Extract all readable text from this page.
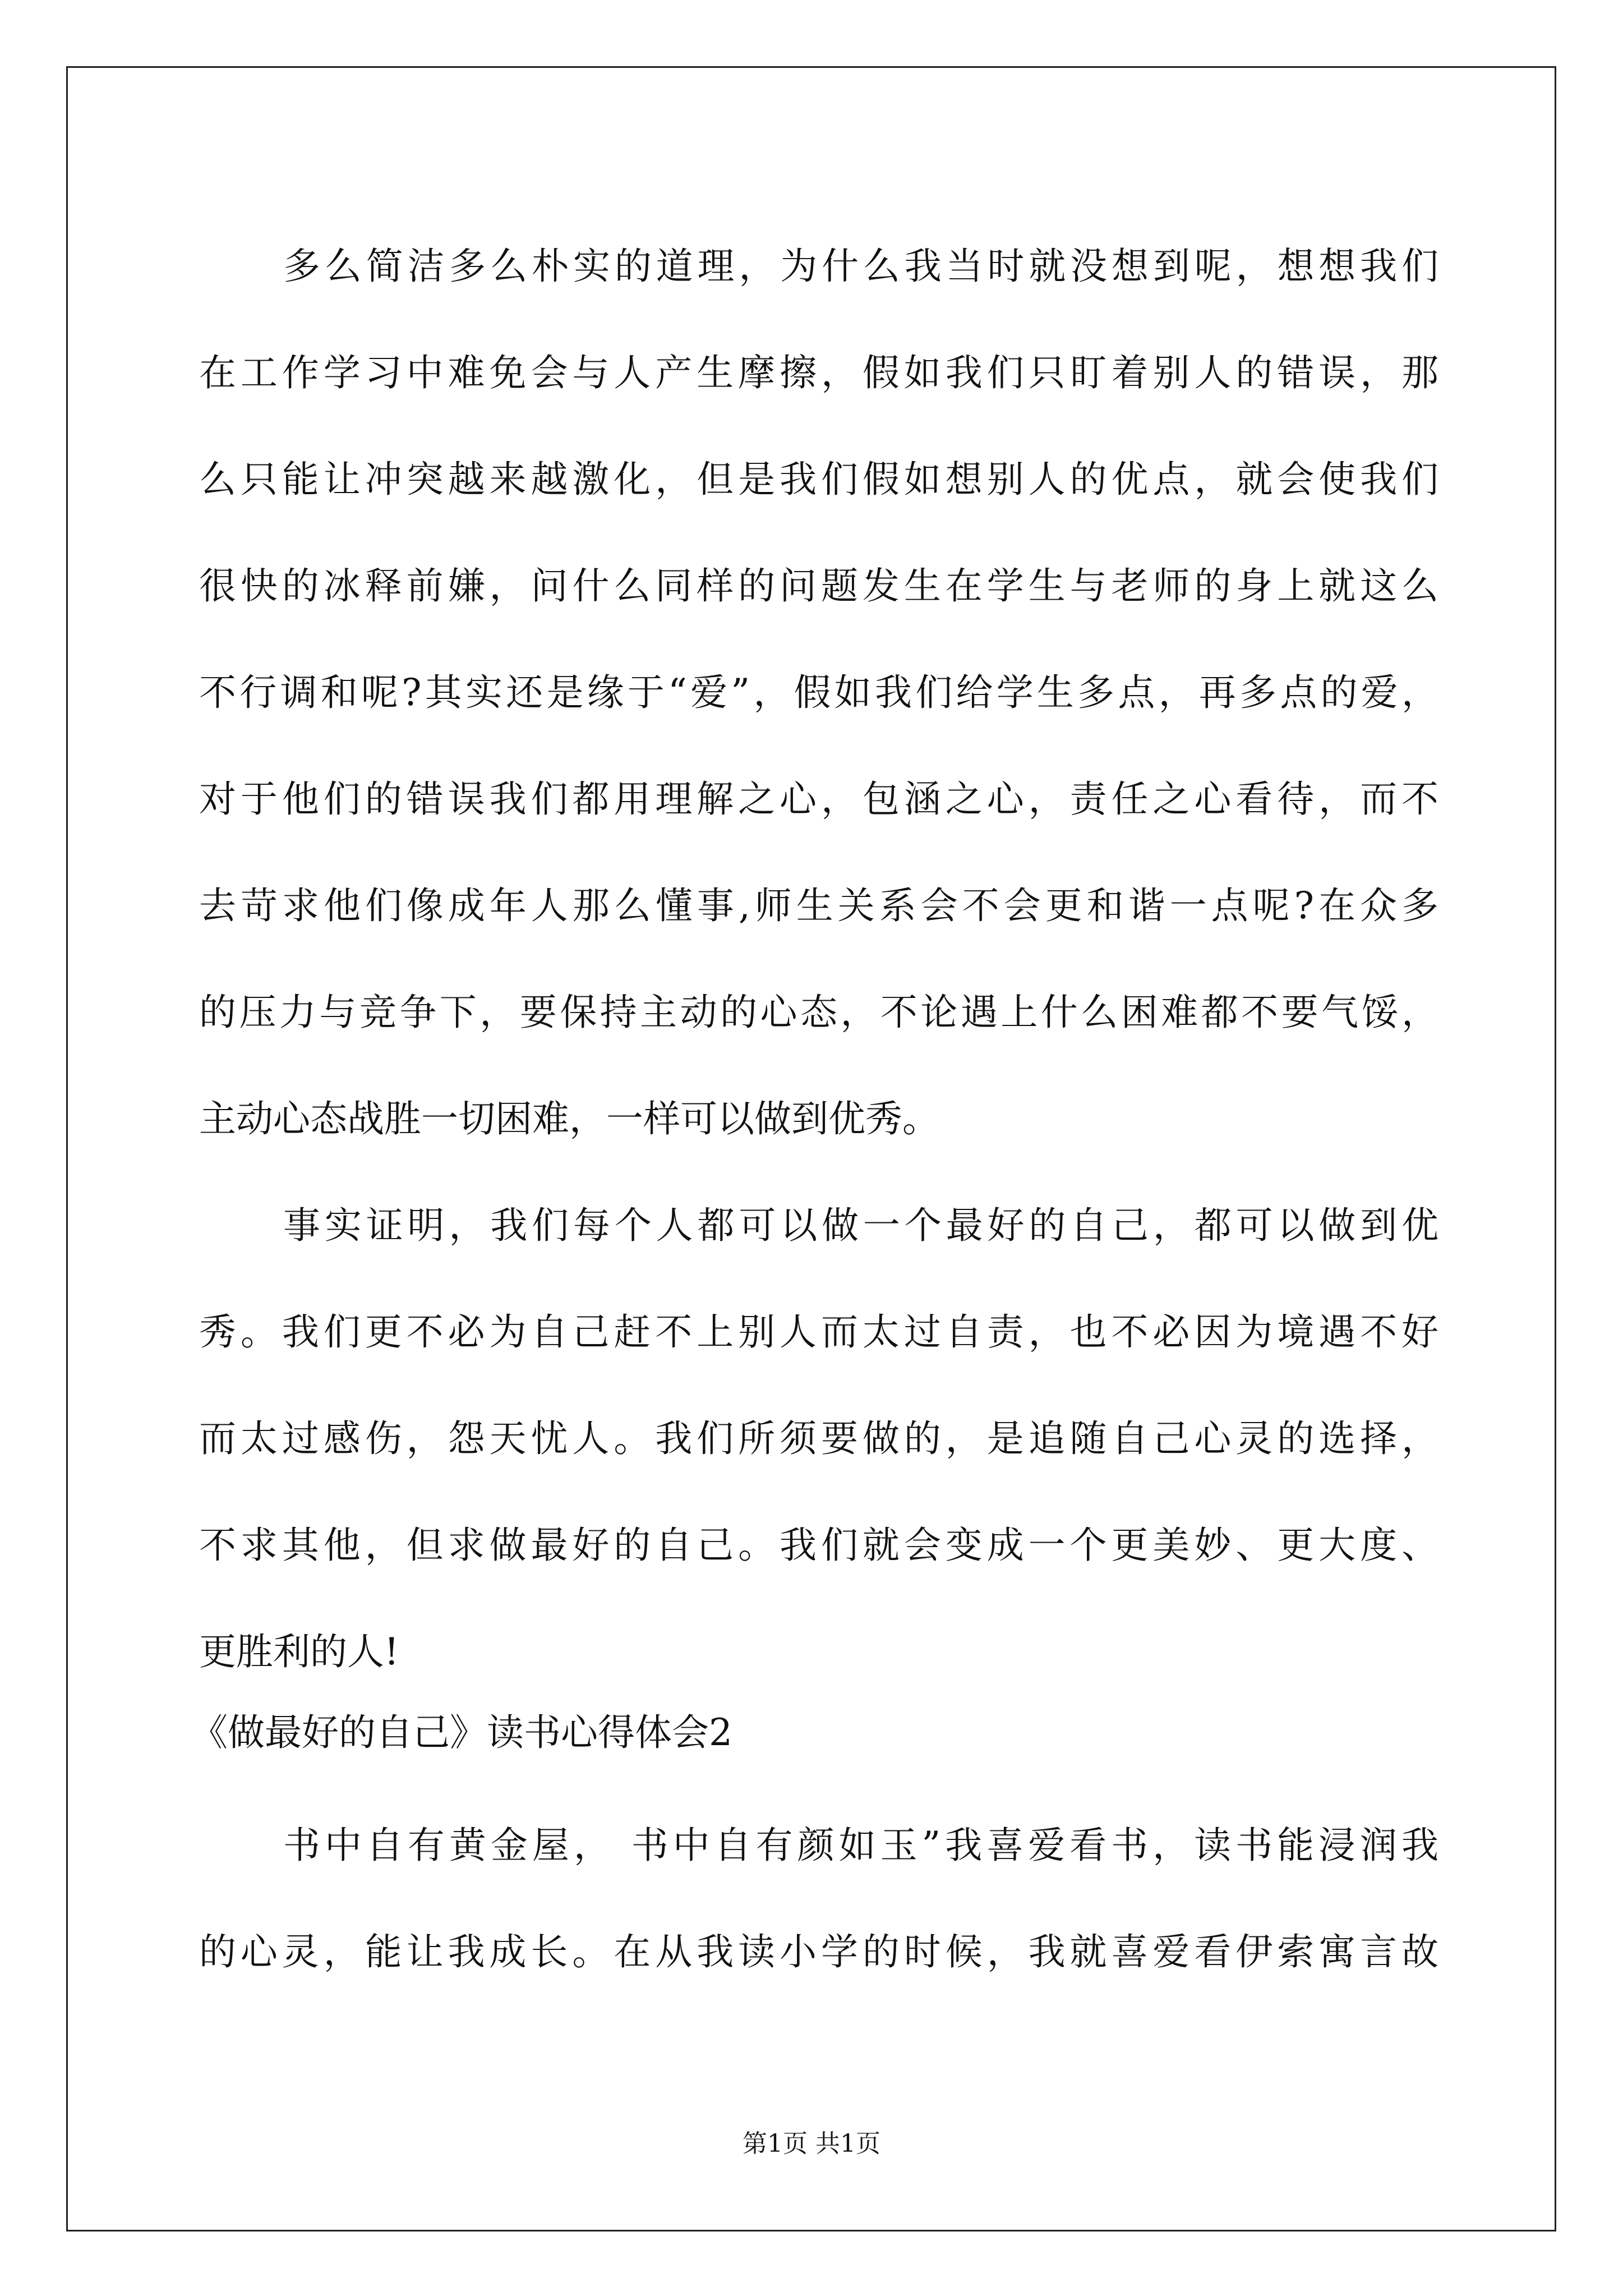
多么简洁多么朴实的道理，为什么我当时就没想到呢，想想我们
在工作学习中难免会与人产生摩擦，假如我们只盯着别人的错误，那
么只能让冲突越来越激化，但是我们假如想别人的优点，就会使我们
很快的冰释前嫌，问什么同样的问题发生在学生与老师的身上就这么
不行调和呢?其实还是缘于“爱”，假如我们给学生多点，再多点的爱，
对于他们的错误我们都用理解之心，包涵之心，责任之心看待，而不
去苛求他们像成年人那么懂事,师生关系会不会更和谐一点呢?在众多
的压力与竞争下，要保持主动的心态，不论遇上什么困难都不要气馁，
主动心态战胜一切困难，一样可以做到优秀。
事实证明，我们每个人都可以做一个最好的自己，都可以做到优
秀。我们更不必为自己赶不上别人而太过自责，也不必因为境遇不好
而太过感伤，怨天忧人。我们所须要做的，是追随自己心灵的选择，
不求其他，但求做最好的自己。我们就会变成一个更美妙、更大度、
更胜利的人!
《做最好的自己》读书心得体会2
书中自有黄金屋， 书中自有颜如玉”我喜爱看书，读书能浸润我
的心灵，能让我成长。在从我读小学的时候，我就喜爱看伊索寓言故
第1页 共1页
